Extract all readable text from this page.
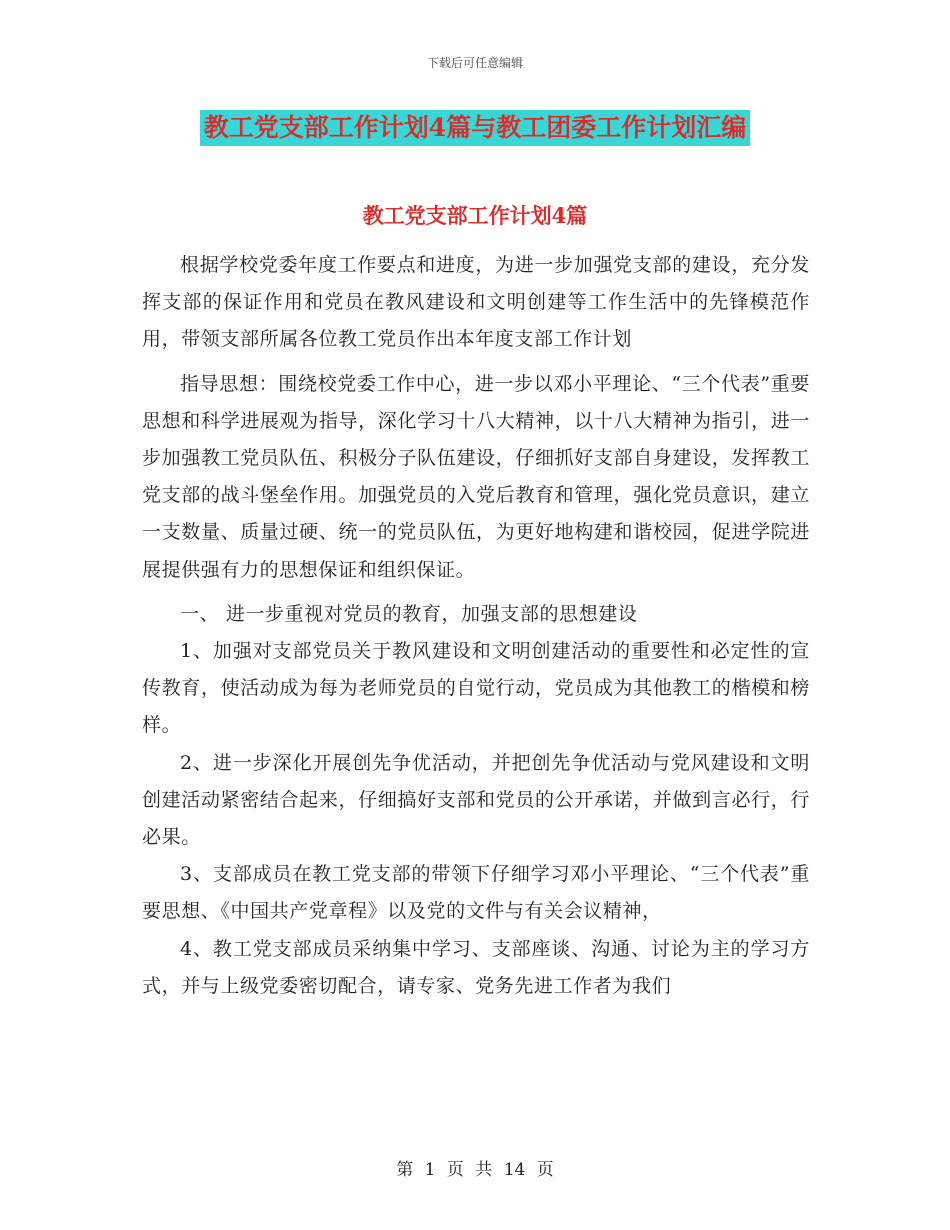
下载后可任意编辑
教工党支部工作计划4篇与教工团委工作计划汇编
教工党支部工作计划4篇

根据学校党委年度工作要点和进度，为进一步加强党支部的建设，充分发挥支部的保证作用和党员在教风建设和文明创建等工作生活中的先锋模范作用，带领支部所属各位教工党员作出本年度支部工作计划

指导思想：围绕校党委工作中心，进一步以邓小平理论、“三个代表”重要思想和科学进展观为指导，深化学习十八大精神，以十八大精神为指引，进一步加强教工党员队伍、积极分子队伍建设，仔细抓好支部自身建设，发挥教工党支部的战斗堡垒作用。加强党员的入党后教育和管理，强化党员意识，建立一支数量、质量过硬、统一的党员队伍，为更好地构建和谐校园，促进学院进展提供强有力的思想保证和组织保证。

一、 进一步重视对党员的教育，加强支部的思想建设

1、加强对支部党员关于教风建设和文明创建活动的重要性和必定性的宣传教育，使活动成为每为老师党员的自觉行动，党员成为其他教工的楷模和榜样。

2、进一步深化开展创先争优活动，并把创先争优活动与党风建设和文明创建活动紧密结合起来，仔细搞好支部和党员的公开承诺，并做到言必行，行必果。

3、支部成员在教工党支部的带领下仔细学习邓小平理论、“三个代表”重要思想、《中国共产党章程》以及党的文件与有关会议精神，

4、教工党支部成员采纳集中学习、支部座谈、沟通、讨论为主的学习方式，并与上级党委密切配合，请专家、党务先进工作者为我们

第 1 页 共 14 页
